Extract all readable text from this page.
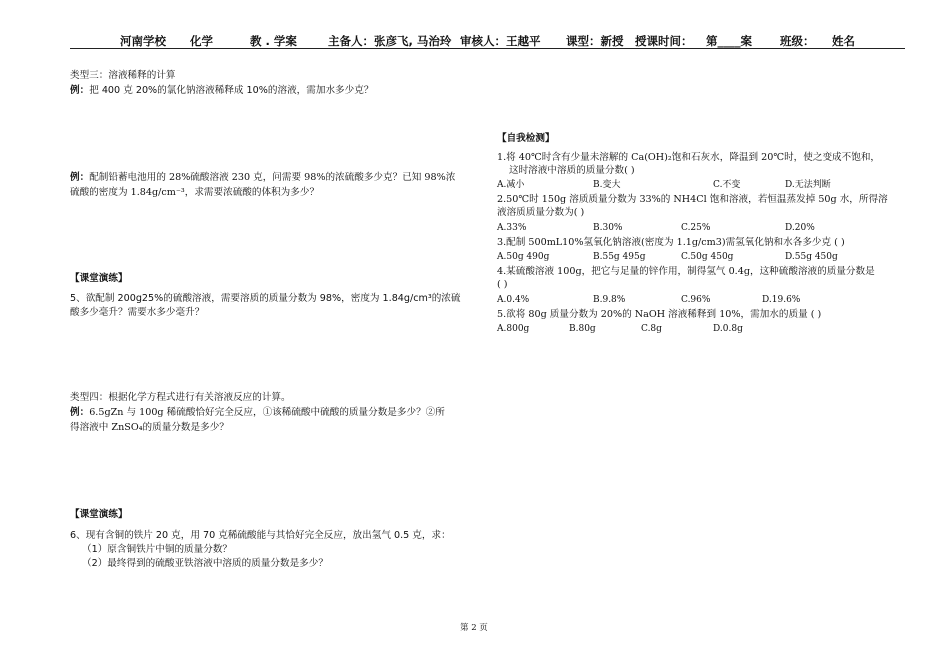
河南学校 化学	教 . 学案	主备人：张彦飞, 马治玲 审核人：王越平 课型：新授 授课时间： 第____案 班级： 姓名
类型三：溶液稀释的计算
例：把 400 克 20%的氯化钠溶液稀释成 10%的溶液，需加水多少克？
例：配制铅蓄电池用的 28%硫酸溶液 230 克，问需要 98%的浓硫酸多少克？已知 98%浓
硫酸的密度为 1.84g/cm⁻³，求需要浓硫酸的体积为多少？
【课堂演练】
5、欲配制 200g25%的硫酸溶液，需要溶质的质量分数为 98%，密度为 1.84g/cm³的浓硫
酸多少毫升？需要水多少毫升？
类型四：根据化学方程式进行有关溶液反应的计算。
例：6.5gZn 与 100g 稀硫酸恰好完全反应，①该稀硫酸中硫酸的质量分数是多少？②所
得溶液中 ZnSO₄的质量分数是多少？
【课堂演练】
6、现有含铜的铁片 20 克，用 70 克稀硫酸能与其恰好完全反应，放出氢气 0.5 克，求：
（1）原含铜铁片中铜的质量分数？
（2）最终得到的硫酸亚铁溶液中溶质的质量分数是多少？
【自我检测】
1.将 40℃时含有少量未溶解的 Ca(OH)₂饱和石灰水，降温到 20℃时，使之变成不饱和，
这时溶液中溶质的质量分数( )
A.减小	B.变大	C.不变	D.无法判断
2.50℃时 150g 溶质质量分数为 33%的 NH4Cl 饱和溶液，若恒温蒸发掉 50g 水，所得溶
液溶质质量分数为( )
A.33%	B.30%	C.25%	D.20%
3.配制 500mL10%氢氧化钠溶液(密度为 1.1g/cm3)需氢氧化钠和水各多少克 ( )
A.50g 490g	B.55g 495g	C.50g 450g	D.55g 450g
4.某硫酸溶液 100g，把它与足量的锌作用，制得氢气 0.4g，这种硫酸溶液的质量分数是
( )
A.0.4%	B.9.8%	C.96%	D.19.6%
5.欲将 80g 质量分数为 20%的 NaOH 溶液稀释到 10%，需加水的质量 ( )
A.800g	B.80g	C.8g	D.0.8g
第 2 页
